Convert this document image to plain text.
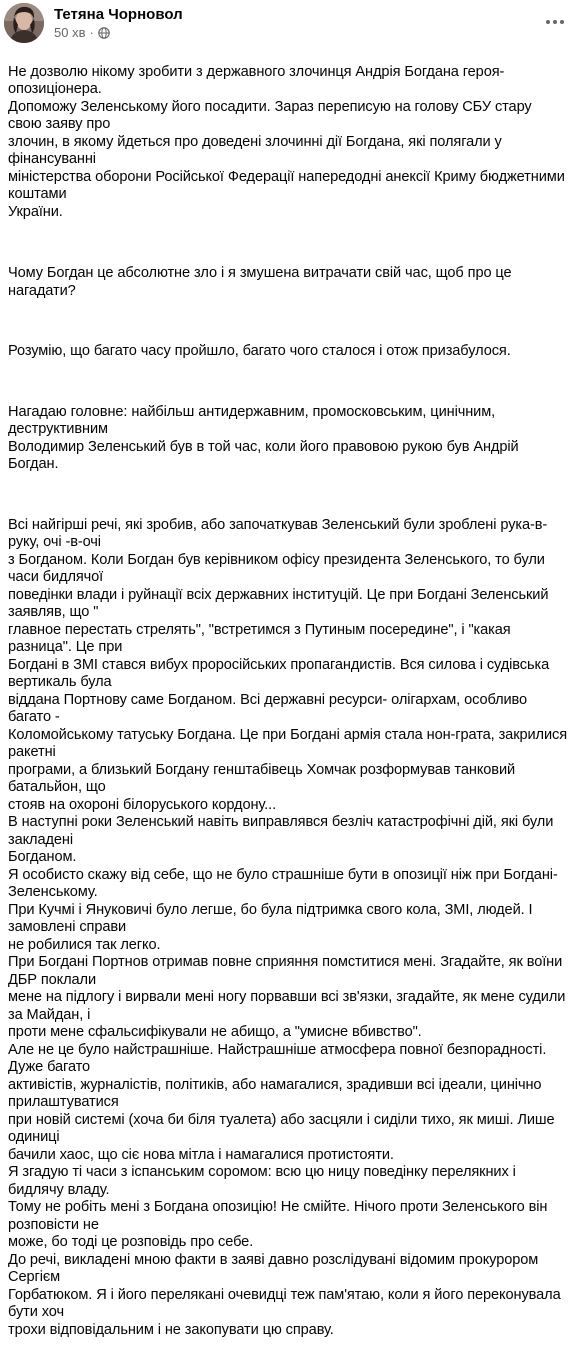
Тетяна Чорновол
50 хв ·

Не дозволю нікому зробити з державного злочинця Андрія Богдана героя-опозиціонера.
Допоможу Зеленському його посадити. Зараз переписую на голову СБУ стару свою заяву про
злочин, в якому йдеться про доведені злочинні дії Богдана, які полягали у фінансуванні
міністерства оборони Російської Федерації напередодні анексії Криму бюджетними коштами
України.

Чому Богдан це абсолютне зло і я змушена витрачати свій час, щоб про це нагадати?

Розумію, що багато часу пройшло, багато чого сталося і отож призабулося.

Нагадаю головне: найбільш антидержавним, промосковським, цинічним, деструктивним
Володимир Зеленський був в той час, коли його правовою рукою був Андрій Богдан.

Всі найгірші речі, які зробив, або започаткував Зеленський були зроблені рука-в-руку, очі -в-очі
з Богданом. Коли Богдан був керівником офісу президента Зеленського, то були часи бидлячої
поведінки влади і руйнації всіх державних інституцій. Це при Богдані Зеленський заявляв, що "
главное перестать стрелять", "встретимся з Путиным посередине", і "какая разница". Це при
Богдані в ЗМІ стався вибух проросійських пропагандистів. Вся силова і судівська вертикаль була
віддана Портнову саме Богданом. Всі державні ресурси- олігархам, особливо багато -
Коломойському татуську Богдана. Це при Богдані армія стала нон-грата, закрилися ракетні
програми, а близький Богдану генштабівець Хомчак розформував танковий батальйон, що
стояв на охороні білоруського кордону...
В наступні роки Зеленський навіть виправлявся безліч катастрофічні дій, які були закладені
Богданом.
Я особисто скажу від себе, що не було страшніше бути в опозиції ніж при Богдані- Зеленському.
При Кучмі і Януковичі було легше, бо була підтримка свого кола, ЗМІ, людей. І замовлені справи
не робилися так легко.
При Богдані Портнов отримав повне сприяння помститися мені. Згадайте, як воїни ДБР поклали
мене на підлогу і вирвали мені ногу порвавши всі зв'язки, згадайте, як мене судили за Майдан, і
проти мене сфальсифікували не абищо, а "умисне вбивство".
Але не це було найстрашніше. Найстрашніше атмосфера повної безпорадності. Дуже багато
активістів, журналістів, політиків, або намагалися, зрадивши всі ідеали, цинічно прилаштуватися
при новій системі (хоча би біля туалета) або засцяли і сиділи тихо, як миші. Лише одиниці
бачили хаос, що сіє нова мітла і намагалися протистояти.
Я згадую ті часи з іспанським соромом: всю цю ницу поведінку перелякних і бидлячу владу.
Тому не робіть мені з Богдана опозицію! Не смійте. Нічого проти Зеленського він розповісти не
може, бо тоді це розповідь про себе.
До речі, викладені мною факти в заяві давно розслідувані відомим прокурором Сергієм
Горбатюком. Я і його перелякані очевидці теж пам'ятаю, коли я його переконувала бути хоч
трохи відповідальним і не закопувати цю справу.
